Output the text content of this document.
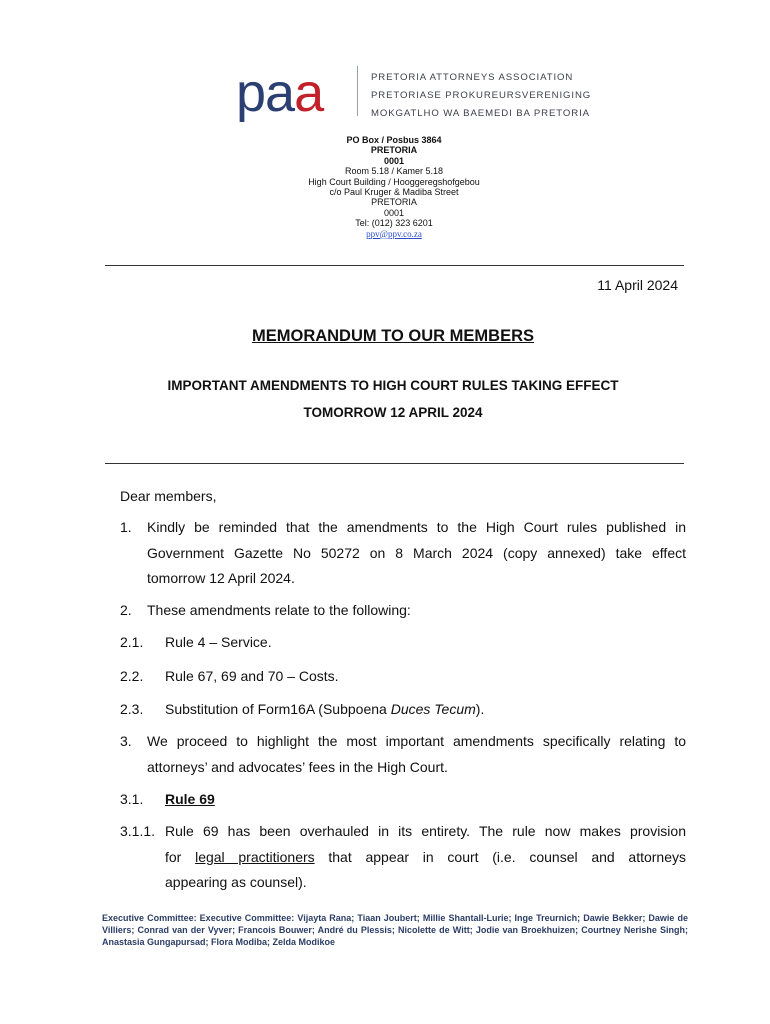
paa	PRETORIA ATTORNEYS ASSOCIATION
PRETORIASE PROKUREURSVERENIGING
MOKGATLHO WA BAEMEDI BA PRETORIA
PO Box / Posbus 3864
PRETORIA
0001
Room 5.18 / Kamer 5.18
High Court Building / Hooggeregshofgebou
c/o Paul Kruger & Madiba Street
PRETORIA
0001
Tel: (012) 323 6201
ppv@ppv.co.za
11 April 2024
MEMORANDUM TO OUR MEMBERS
IMPORTANT AMENDMENTS TO HIGH COURT RULES TAKING EFFECT
TOMORROW 12 APRIL 2024
Dear members,
1. Kindly be reminded that the amendments to the High Court rules published in
Government Gazette No 50272 on 8 March 2024 (copy annexed) take effect
tomorrow 12 April 2024.
2. These amendments relate to the following:
2.1. Rule 4 – Service.
2.2. Rule 67, 69 and 70 – Costs.
2.3. Substitution of Form16A (Subpoena Duces Tecum).
3. We proceed to highlight the most important amendments specifically relating to
attorneys’ and advocates’ fees in the High Court.
3.1. Rule 69
3.1.1. Rule 69 has been overhauled in its entirety. The rule now makes provision
for legal practitioners that appear in court (i.e. counsel and attorneys
appearing as counsel).
Executive Committee: Executive Committee: Vijayta Rana; Tiaan Joubert; Millie Shantall-Lurie; Inge Treurnich; Dawie Bekker; Dawie de Villiers; Conrad van der Vyver; Francois Bouwer; André du Plessis; Nicolette de Witt; Jodie van Broekhuizen; Courtney Nerishe Singh; Anastasia Gungapursad; Flora Modiba; Zelda Modikoe
